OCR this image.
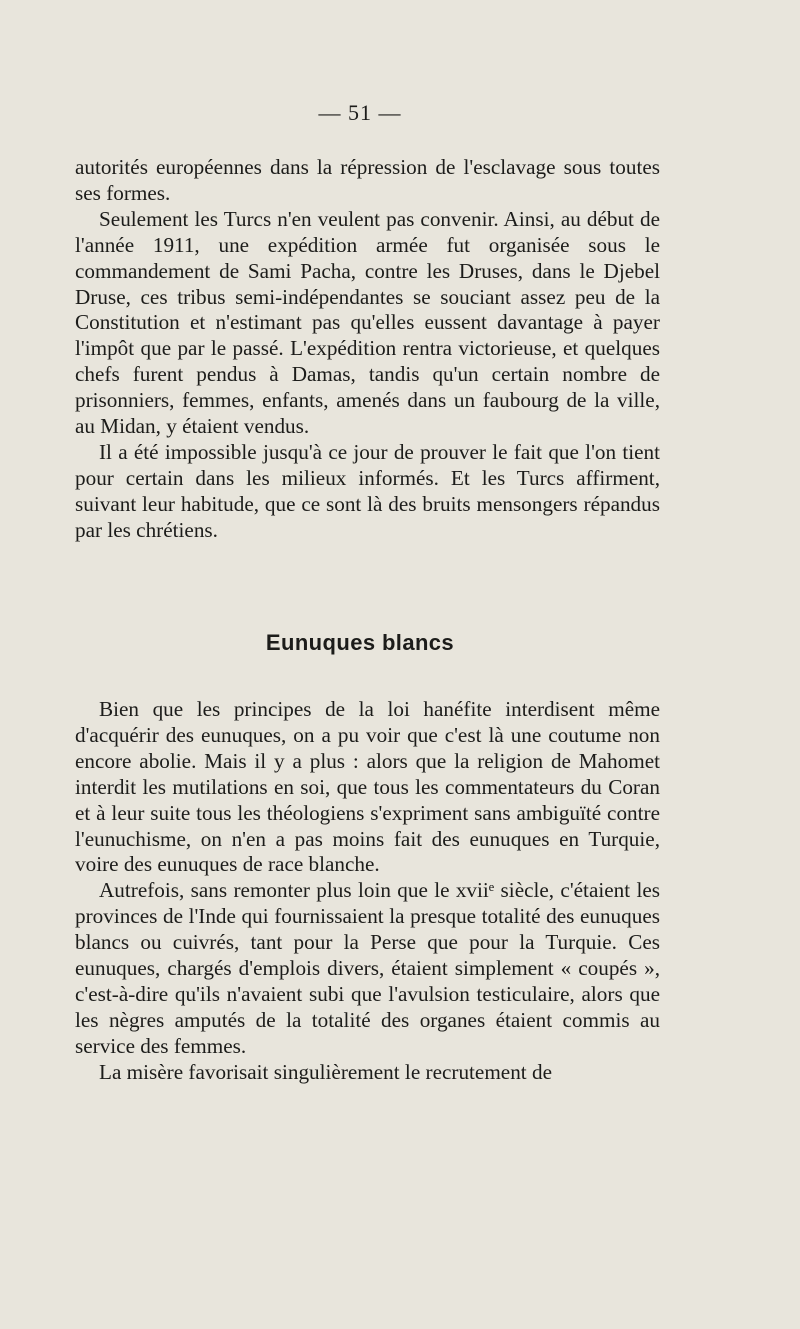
— 51 —

autorités européennes dans la répression de l'esclavage sous toutes ses formes.

Seulement les Turcs n'en veulent pas convenir. Ainsi, au début de l'année 1911, une expédition armée fut organisée sous le commandement de Sami Pacha, contre les Druses, dans le Djebel Druse, ces tribus semi-indépendantes se souciant assez peu de la Constitution et n'estimant pas qu'elles eussent davantage à payer l'impôt que par le passé. L'expédition rentra victorieuse, et quelques chefs furent pendus à Damas, tandis qu'un certain nombre de prisonniers, femmes, enfants, amenés dans un faubourg de la ville, au Midan, y étaient vendus.

Il a été impossible jusqu'à ce jour de prouver le fait que l'on tient pour certain dans les milieux informés. Et les Turcs affirment, suivant leur habitude, que ce sont là des bruits mensongers répandus par les chrétiens.

Eunuques blancs

Bien que les principes de la loi hanéfite interdisent même d'acquérir des eunuques, on a pu voir que c'est là une coutume non encore abolie. Mais il y a plus : alors que la religion de Mahomet interdit les mutilations en soi, que tous les commentateurs du Coran et à leur suite tous les théologiens s'expriment sans ambiguïté contre l'eunuchisme, on n'en a pas moins fait des eunuques en Turquie, voire des eunuques de race blanche.

Autrefois, sans remonter plus loin que le xviiᵉ siècle, c'étaient les provinces de l'Inde qui fournissaient la presque totalité des eunuques blancs ou cuivrés, tant pour la Perse que pour la Turquie. Ces eunuques, chargés d'emplois divers, étaient simplement « coupés », c'est-à-dire qu'ils n'avaient subi que l'avulsion testiculaire, alors que les nègres amputés de la totalité des organes étaient commis au service des femmes.

La misère favorisait singulièrement le recrutement de
